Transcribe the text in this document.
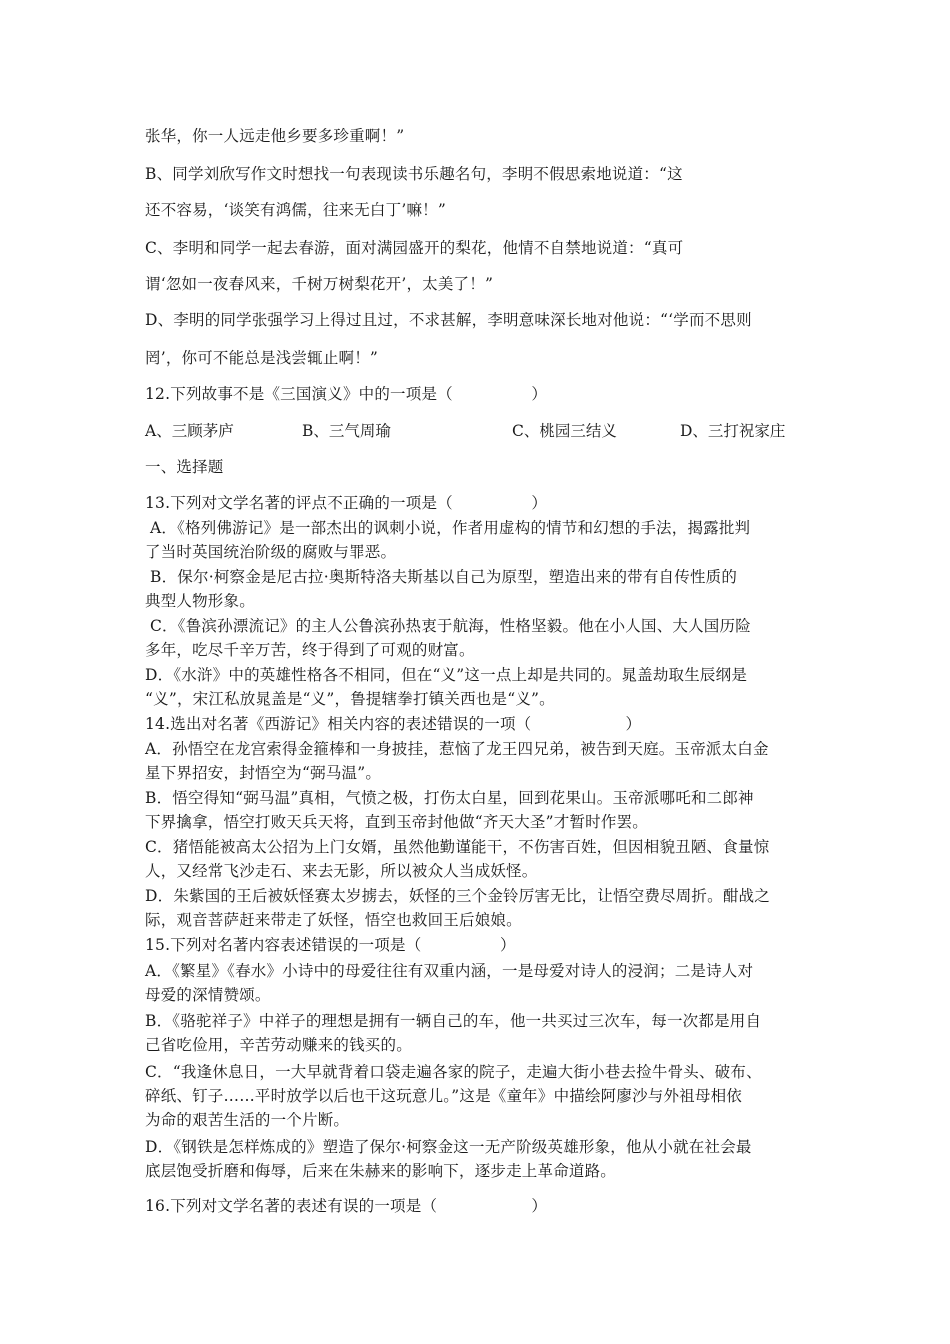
张华，你一人远走他乡要多珍重啊！”
B、同学刘欣写作文时想找一句表现读书乐趣名句，李明不假思索地说道：“这
还不容易，‘谈笑有鸿儒，往来无白丁’嘛！”
C、李明和同学一起去春游，面对满园盛开的梨花，他情不自禁地说道：“真可
谓‘忽如一夜春风来，千树万树梨花开’，太美了！”
D、李明的同学张强学习上得过且过，不求甚解，李明意味深长地对他说：“‘学而不思则
罔’，你可不能总是浅尝辄止啊！”
12.下列故事不是《三国演义》中的一项是（　　　　　）
A、三顾茅庐	B、三气周瑜	C、桃园三结义	D、三打祝家庄
一、选择题
13.下列对文学名著的评点不正确的一项是（　　　　　）
A．《格列佛游记》是一部杰出的讽刺小说，作者用虚构的情节和幻想的手法，揭露批判
了当时英国统治阶级的腐败与罪恶。
B．保尔·柯察金是尼古拉·奥斯特洛夫斯基以自己为原型，塑造出来的带有自传性质的
典型人物形象。
C．《鲁滨孙漂流记》的主人公鲁滨孙热衷于航海，性格坚毅。他在小人国、大人国历险
多年，吃尽千辛万苦，终于得到了可观的财富。
D．《水浒》中的英雄性格各不相同，但在“义”这一点上却是共同的。晁盖劫取生辰纲是
“义”，宋江私放晁盖是“义”，鲁提辖拳打镇关西也是“义”。
14.选出对名著《西游记》相关内容的表述错误的一项（　　　　　　）
A．孙悟空在龙宫索得金箍棒和一身披挂，惹恼了龙王四兄弟，被告到天庭。玉帝派太白金
星下界招安，封悟空为“弼马温”。
B．悟空得知“弼马温”真相，气愤之极，打伤太白星，回到花果山。玉帝派哪吒和二郎神
下界擒拿，悟空打败天兵天将，直到玉帝封他做“齐天大圣”才暂时作罢。
C．猪悟能被高太公招为上门女婿，虽然他勤谨能干，不伤害百姓，但因相貌丑陋、食量惊
人，又经常飞沙走石、来去无影，所以被众人当成妖怪。
D．朱紫国的王后被妖怪赛太岁掳去，妖怪的三个金铃厉害无比，让悟空费尽周折。酣战之
际，观音菩萨赶来带走了妖怪，悟空也救回王后娘娘。
15.下列对名著内容表述错误的一项是（　　　　　）
A．《繁星》《春水》小诗中的母爱往往有双重内涵，一是母爱对诗人的浸润；二是诗人对
母爱的深情赞颂。
B．《骆驼祥子》中祥子的理想是拥有一辆自己的车，他一共买过三次车，每一次都是用自
己省吃俭用，辛苦劳动赚来的钱买的。
C．“我逢休息日，一大早就背着口袋走遍各家的院子，走遍大街小巷去捡牛骨头、破布、
碎纸、钉子……平时放学以后也干这玩意儿。”这是《童年》中描绘阿廖沙与外祖母相依
为命的艰苦生活的一个片断。
D．《钢铁是怎样炼成的》塑造了保尔·柯察金这一无产阶级英雄形象，他从小就在社会最
底层饱受折磨和侮辱，后来在朱赫来的影响下，逐步走上革命道路。
16.下列对文学名著的表述有误的一项是（　　　　　　）
